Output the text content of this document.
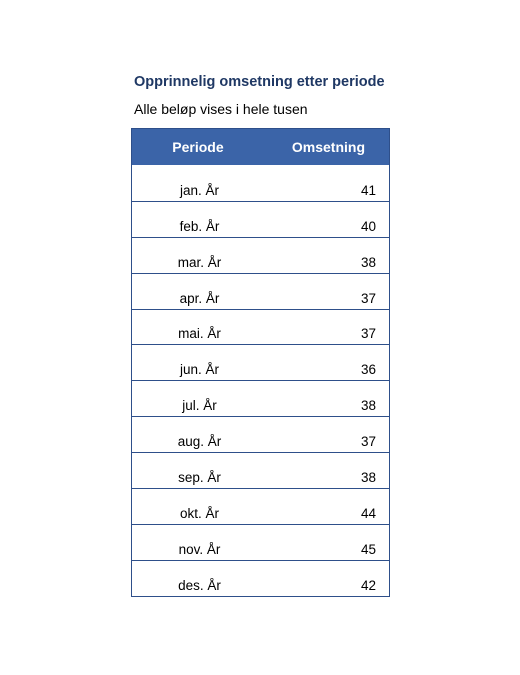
Opprinnelig omsetning etter periode

Alle beløp vises i hele tusen

Periode	Omsetning
jan. År	41
feb. År	40
mar. År	38
apr. År	37
mai. År	37
jun. År	36
jul. År	38
aug. År	37
sep. År	38
okt. År	44
nov. År	45
des. År	42
